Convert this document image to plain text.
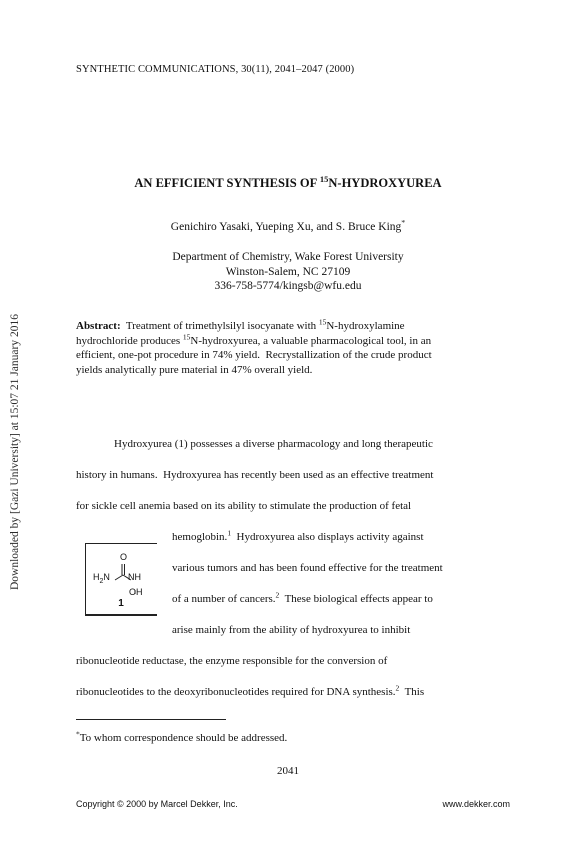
SYNTHETIC COMMUNICATIONS, 30(11), 2041–2047 (2000)
AN EFFICIENT SYNTHESIS OF $^{15}$N-HYDROXYUREA
Genichiro Yasaki, Yueping Xu, and S. Bruce King*
Department of Chemistry, Wake Forest University
Winston-Salem, NC 27109
336-758-5774/kingsb@wfu.edu
Abstract:  Treatment of trimethylsilyl isocyanate with $^{15}$N-hydroxylamine
hydrochloride produces $^{15}$N-hydroxyurea, a valuable pharmacological tool, in an
efficient, one-pot procedure in 74% yield.  Recrystallization of the crude product
yields analytically pure material in 47% overall yield.
Hydroxyurea (1) possesses a diverse pharmacology and long therapeutic
history in humans.  Hydroxyurea has recently been used as an effective treatment
for sickle cell anemia based on its ability to stimulate the production of fetal
hemoglobin.$^1$  Hydroxyurea also displays activity against
various tumors and has been found effective for the treatment
of a number of cancers.$^2$  These biological effects appear to
arise mainly from the ability of hydroxyurea to inhibit
ribonucleotide reductase, the enzyme responsible for the conversion of
ribonucleotides to the deoxyribonucleotides required for DNA synthesis.$^2$  This
O
$H_2N$ NH
OH
1
*To whom correspondence should be addressed.
2041
Copyright © 2000 by Marcel Dekker, Inc.	www.dekker.com
Downloaded by [Gazi University] at 15:07 21 January 2016
